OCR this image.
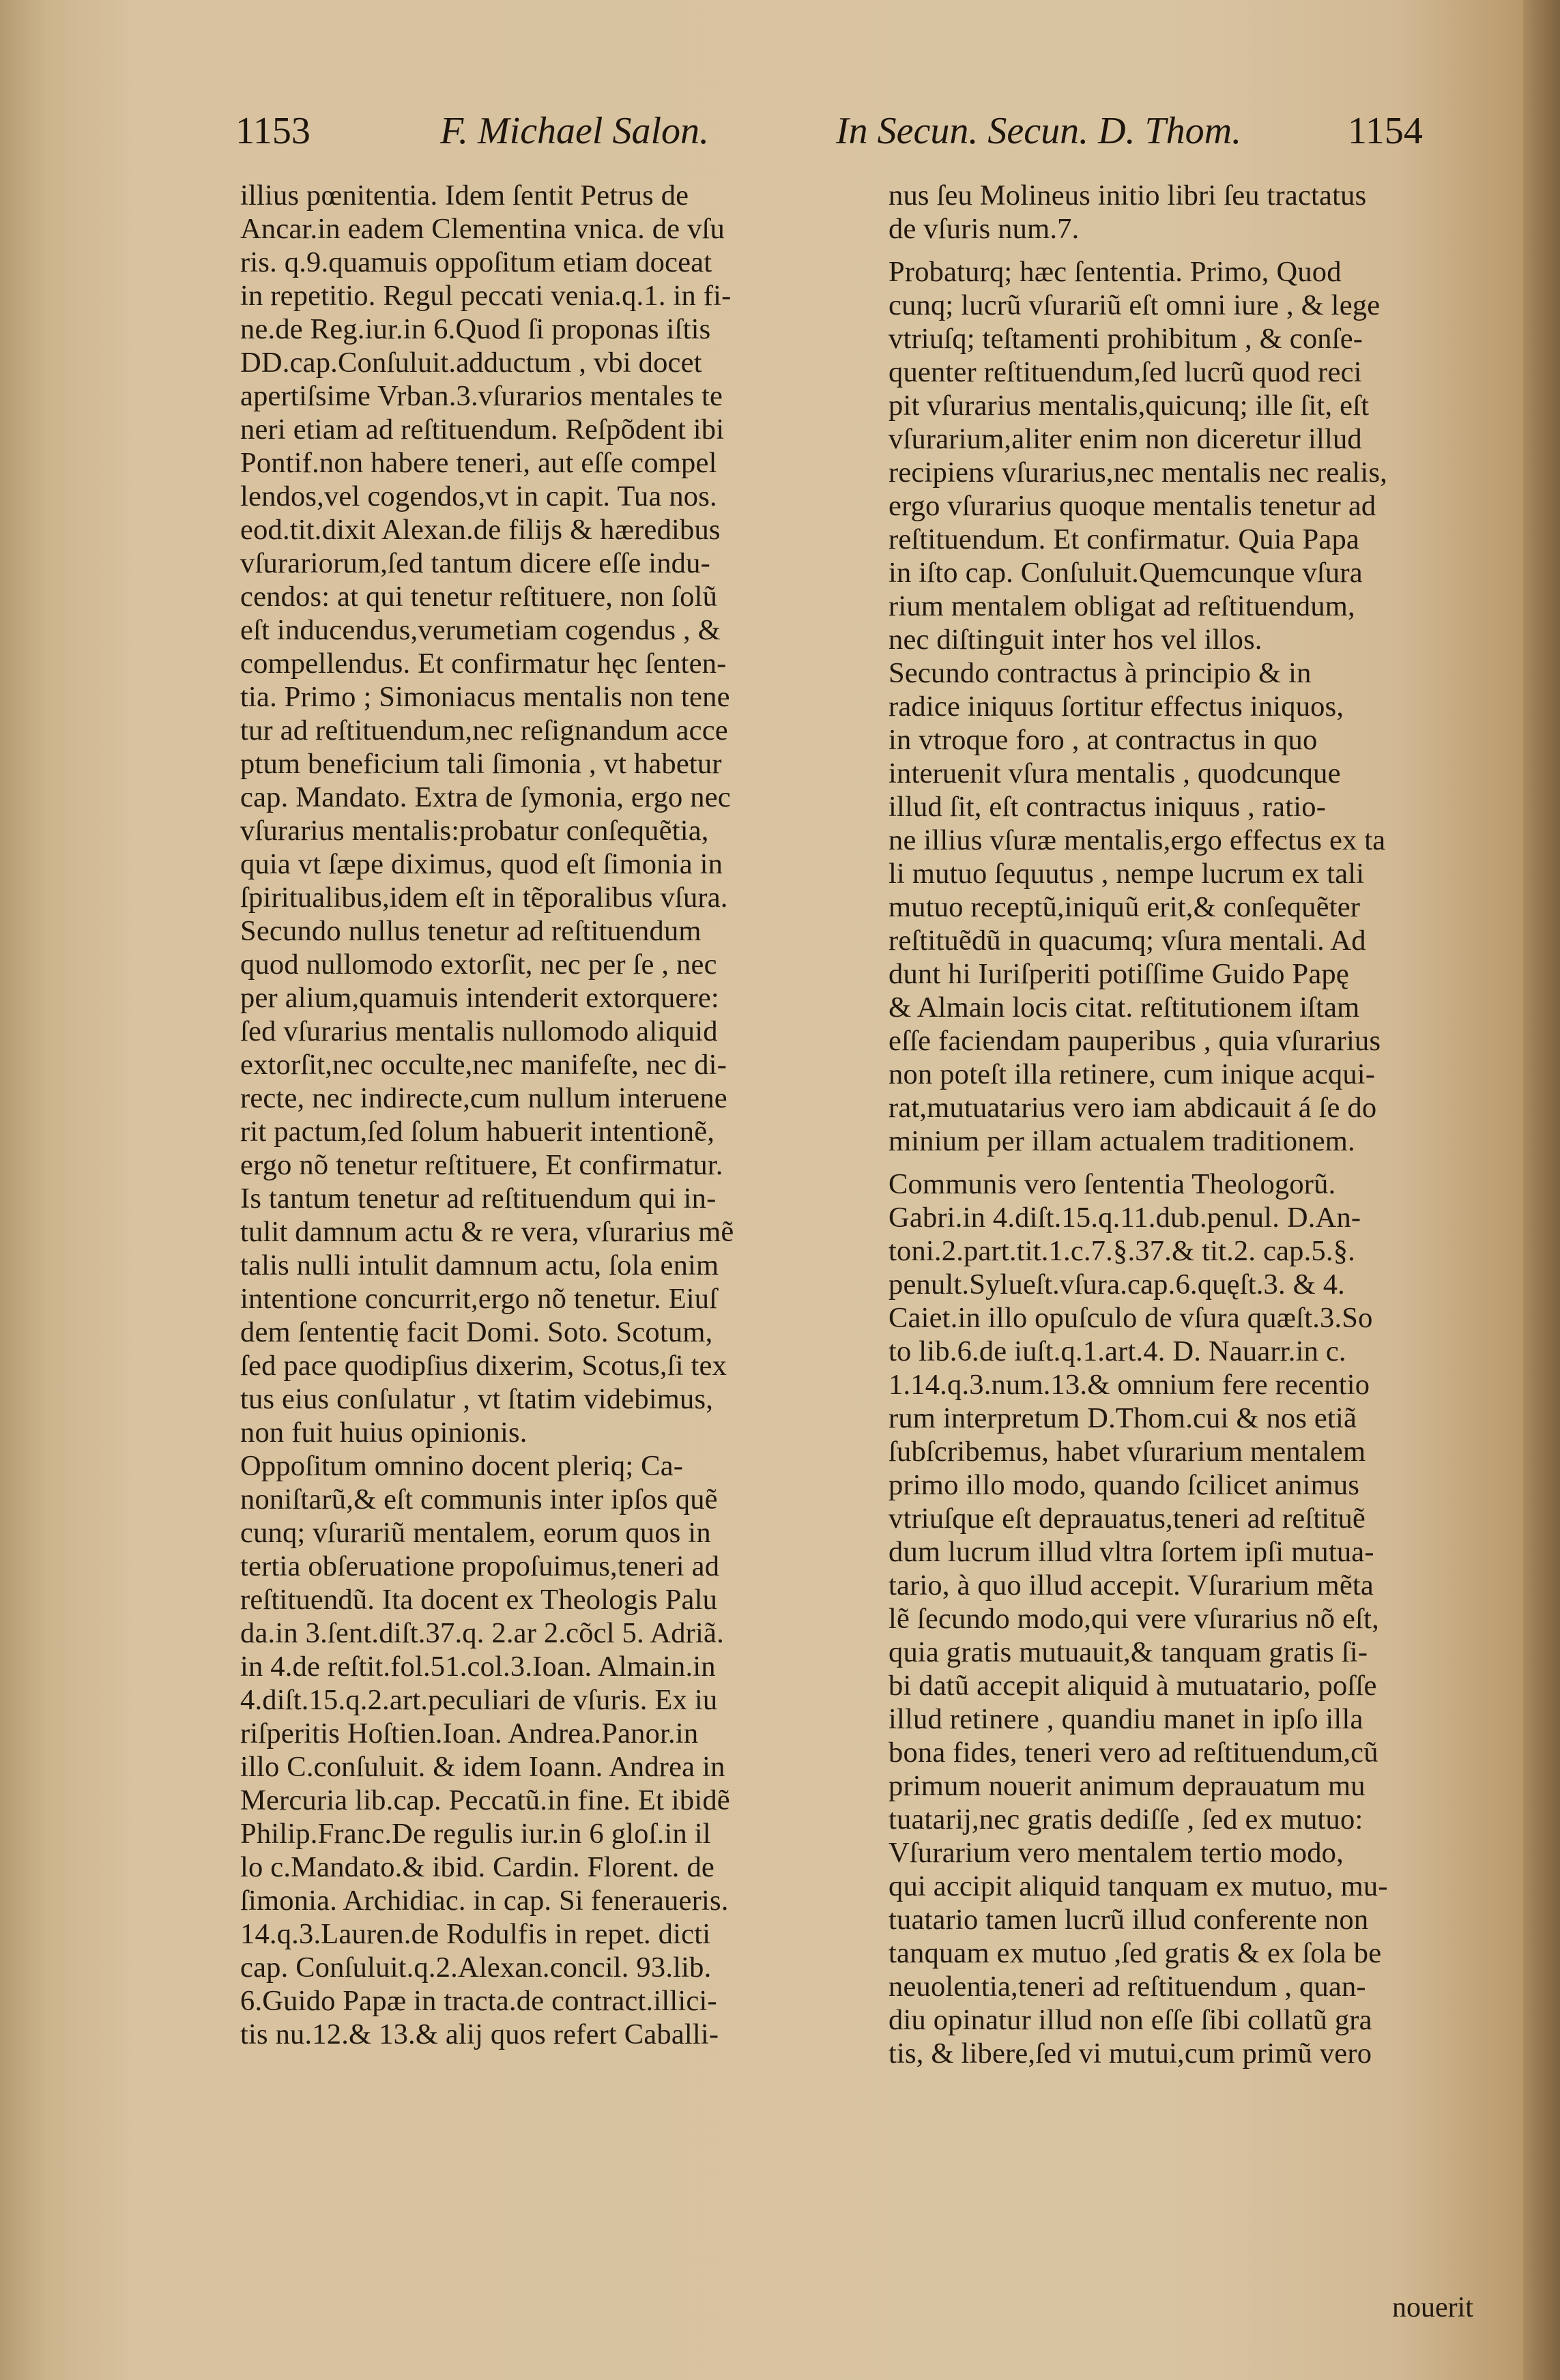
1153	F. Michael Salon.	In Secun. Secun. D. Thom.	1154
illius pœnitentia. Idem ſentit Petrus de
Ancar.in eadem Clementina vnica. de vſu
ris. q.9.quamuis oppoſitum etiam doceat
in repetitio. Regul peccati venia.q.1. in fi-
ne.de Reg.iur.in 6.Quod ſi proponas iſtis
DD.cap.Conſuluit.adductum , vbi docet
apertiſsime Vrban.3.vſurarios mentales te
neri etiam ad reſtituendum. Reſpõdent ibi
Pontif.non habere teneri, aut eſſe compel
lendos,vel cogendos,vt in capit. Tua nos.
eod.tit.dixit Alexan.de filijs & hæredibus
vſurariorum,ſed tantum dicere eſſe indu-
cendos: at qui tenetur reſtituere, non ſolũ
eſt inducendus,verumetiam cogendus , &
compellendus. Et confirmatur hęc ſenten-
tia. Primo ; Simoniacus mentalis non tene
tur ad reſtituendum,nec reſignandum acce
ptum beneficium tali ſimonia , vt habetur
cap. Mandato. Extra de ſymonia, ergo nec
vſurarius mentalis:probatur conſequẽtia,
quia vt ſæpe diximus, quod eſt ſimonia in
ſpiritualibus,idem eſt in tẽporalibus vſura.
Secundo nullus tenetur ad reſtituendum
quod nullomodo extorſit, nec per ſe , nec
per alium,quamuis intenderit extorquere:
ſed vſurarius mentalis nullomodo aliquid
extorſit,nec occulte,nec manifeſte, nec di-
recte, nec indirecte,cum nullum interuene
rit pactum,ſed ſolum habuerit intentionẽ,
ergo nõ tenetur reſtituere, Et confirmatur.
Is tantum tenetur ad reſtituendum qui in-
tulit damnum actu & re vera, vſurarius mẽ
talis nulli intulit damnum actu, ſola enim
intentione concurrit,ergo nõ tenetur. Eiuſ
dem ſententię facit Domi. Soto. Scotum,
ſed pace quodipſius dixerim, Scotus,ſi tex
tus eius conſulatur , vt ſtatim videbimus,
non fuit huius opinionis.
Oppoſitum omnino docent pleriq; Ca-
noniſtarũ,& eſt communis inter ipſos quẽ
cunq; vſurariũ mentalem, eorum quos in
tertia obſeruatione propoſuimus,teneri ad
reſtituendũ. Ita docent ex Theologis Palu
da.in 3.ſent.diſt.37.q. 2.ar 2.cõcl 5. Adriã.
in 4.de reſtit.fol.51.col.3.Ioan. Almain.in
4.diſt.15.q.2.art.peculiari de vſuris. Ex iu
riſperitis Hoſtien.Ioan. Andrea.Panor.in
illo C.conſuluit. & idem Ioann. Andrea in
Mercuria lib.cap. Peccatũ.in fine. Et ibidẽ
Philip.Franc.De regulis iur.in 6 gloſ.in il
lo c.Mandato.& ibid. Cardin. Florent. de
ſimonia. Archidiac. in cap. Si feneraueris.
14.q.3.Lauren.de Rodulfis in repet. dicti
cap. Conſuluit.q.2.Alexan.concil. 93.lib.
6.Guido Papæ in tracta.de contract.illici-
tis nu.12.& 13.& alij quos refert Caballi-
nus ſeu Molineus initio libri ſeu tractatus
de vſuris num.7.
Probaturq; hæc ſententia. Primo, Quod
cunq; lucrũ vſurariũ eſt omni iure , & lege
vtriuſq; teſtamenti prohibitum , & conſe-
quenter reſtituendum,ſed lucrũ quod reci
pit vſurarius mentalis,quicunq; ille ſit, eſt
vſurarium,aliter enim non diceretur illud
recipiens vſurarius,nec mentalis nec realis,
ergo vſurarius quoque mentalis tenetur ad
reſtituendum. Et confirmatur. Quia Papa
in iſto cap. Conſuluit.Quemcunque vſura
rium mentalem obligat ad reſtituendum,
nec diſtinguit inter hos vel illos.
Secundo contractus à principio & in
radice iniquus ſortitur effectus iniquos,
in vtroque foro , at contractus in quo
interuenit vſura mentalis , quodcunque
illud ſit, eſt contractus iniquus , ratio-
ne illius vſuræ mentalis,ergo effectus ex ta
li mutuo ſequutus , nempe lucrum ex tali
mutuo receptũ,iniquũ erit,& conſequẽter
reſtituẽdũ in quacumq; vſura mentali. Ad
dunt hi Iuriſperiti potiſſime Guido Papę
& Almain locis citat. reſtitutionem iſtam
eſſe faciendam pauperibus , quia vſurarius
non poteſt illa retinere, cum inique acqui-
rat,mutuatarius vero iam abdicauit á ſe do
minium per illam actualem traditionem.
Communis vero ſententia Theologorũ.
Gabri.in 4.diſt.15.q.11.dub.penul. D.An-
toni.2.part.tit.1.c.7.§.37.& tit.2. cap.5.§.
penult.Sylueſt.vſura.cap.6.quęſt.3. & 4.
Caiet.in illo opuſculo de vſura quæſt.3.So
to lib.6.de iuſt.q.1.art.4. D. Nauarr.in c.
1.14.q.3.num.13.& omnium fere recentio
rum interpretum D.Thom.cui & nos etiã
ſubſcribemus, habet vſurarium mentalem
primo illo modo, quando ſcilicet animus
vtriuſque eſt deprauatus,teneri ad reſtituẽ
dum lucrum illud vltra ſortem ipſi mutua-
tario, à quo illud accepit. Vſurarium mẽta
lẽ ſecundo modo,qui vere vſurarius nõ eſt,
quia gratis mutuauit,& tanquam gratis ſi-
bi datũ accepit aliquid à mutuatario, poſſe
illud retinere , quandiu manet in ipſo illa
bona fides, teneri vero ad reſtituendum,cũ
primum nouerit animum deprauatum mu
tuatarij,nec gratis dediſſe , ſed ex mutuo:
Vſurarium vero mentalem tertio modo,
qui accipit aliquid tanquam ex mutuo, mu-
tuatario tamen lucrũ illud conferente non
tanquam ex mutuo ,ſed gratis & ex ſola be
neuolentia,teneri ad reſtituendum , quan-
diu opinatur illud non eſſe ſibi collatũ gra
tis, & libere,ſed vi mutui,cum primũ vero
nouerit
